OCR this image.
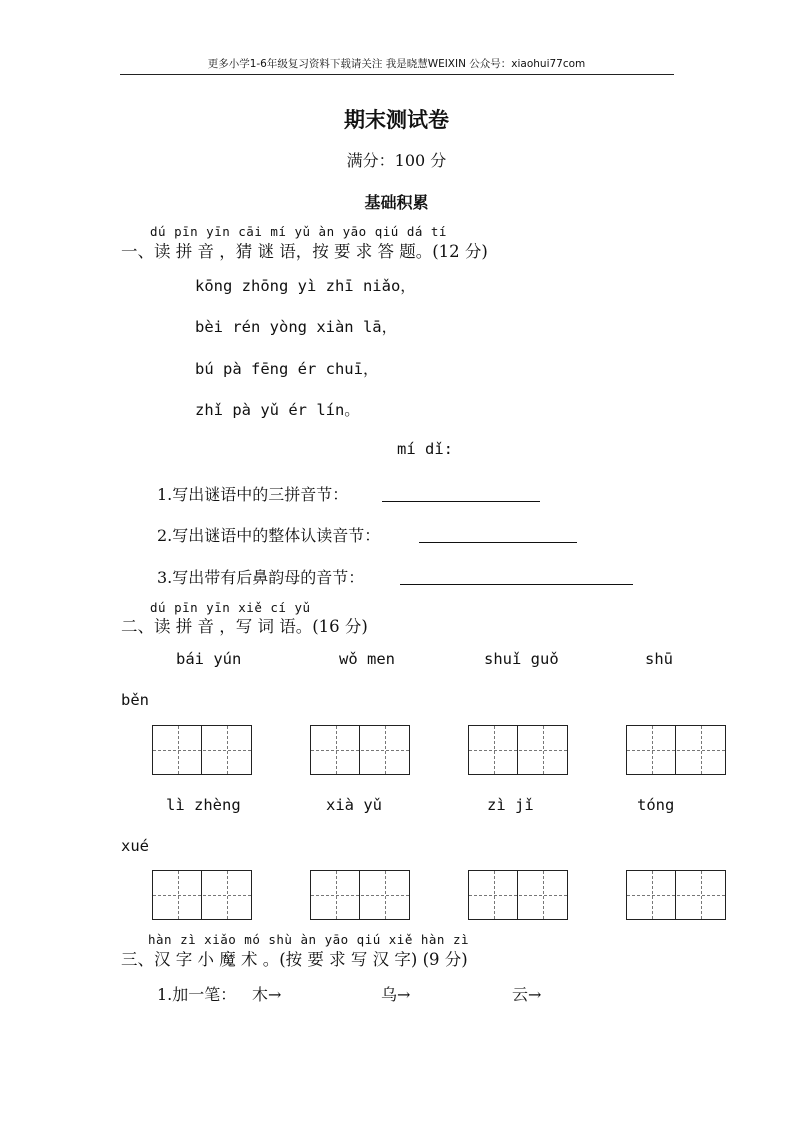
更多小学1-6年级复习资料下载请关注 我是晓慧WEIXIN 公众号：xiaohui77com
期末测试卷
满分：100 分
基础积累
dú pīn yīn cāi mí yǔ àn yāo qiú dá tí
一、读 拼 音 ，猜 谜 语，按 要 求 答 题。(12 分)
kōng zhōng yì zhī niǎo，
bèi rén yòng xiàn lā，
bú pà fēng ér chuī，
zhǐ pà yǔ ér lín。
mí dǐ:
1.写出谜语中的三拼音节：
2.写出谜语中的整体认读音节：
3.写出带有后鼻韵母的音节：
dú pīn yīn xiě cí yǔ
二、读 拼 音 ，写 词 语。(16 分)
bái yún	wǒ men	shuǐ guǒ	shū
běn
lì zhèng	xià yǔ	zì jǐ	tóng
xué
hàn zì xiǎo mó shù àn yāo qiú xiě hàn zì
三、汉 字 小 魔 术 。(按 要 求 写 汉 字) (9 分)
1.加一笔： 木→	乌→	云→
